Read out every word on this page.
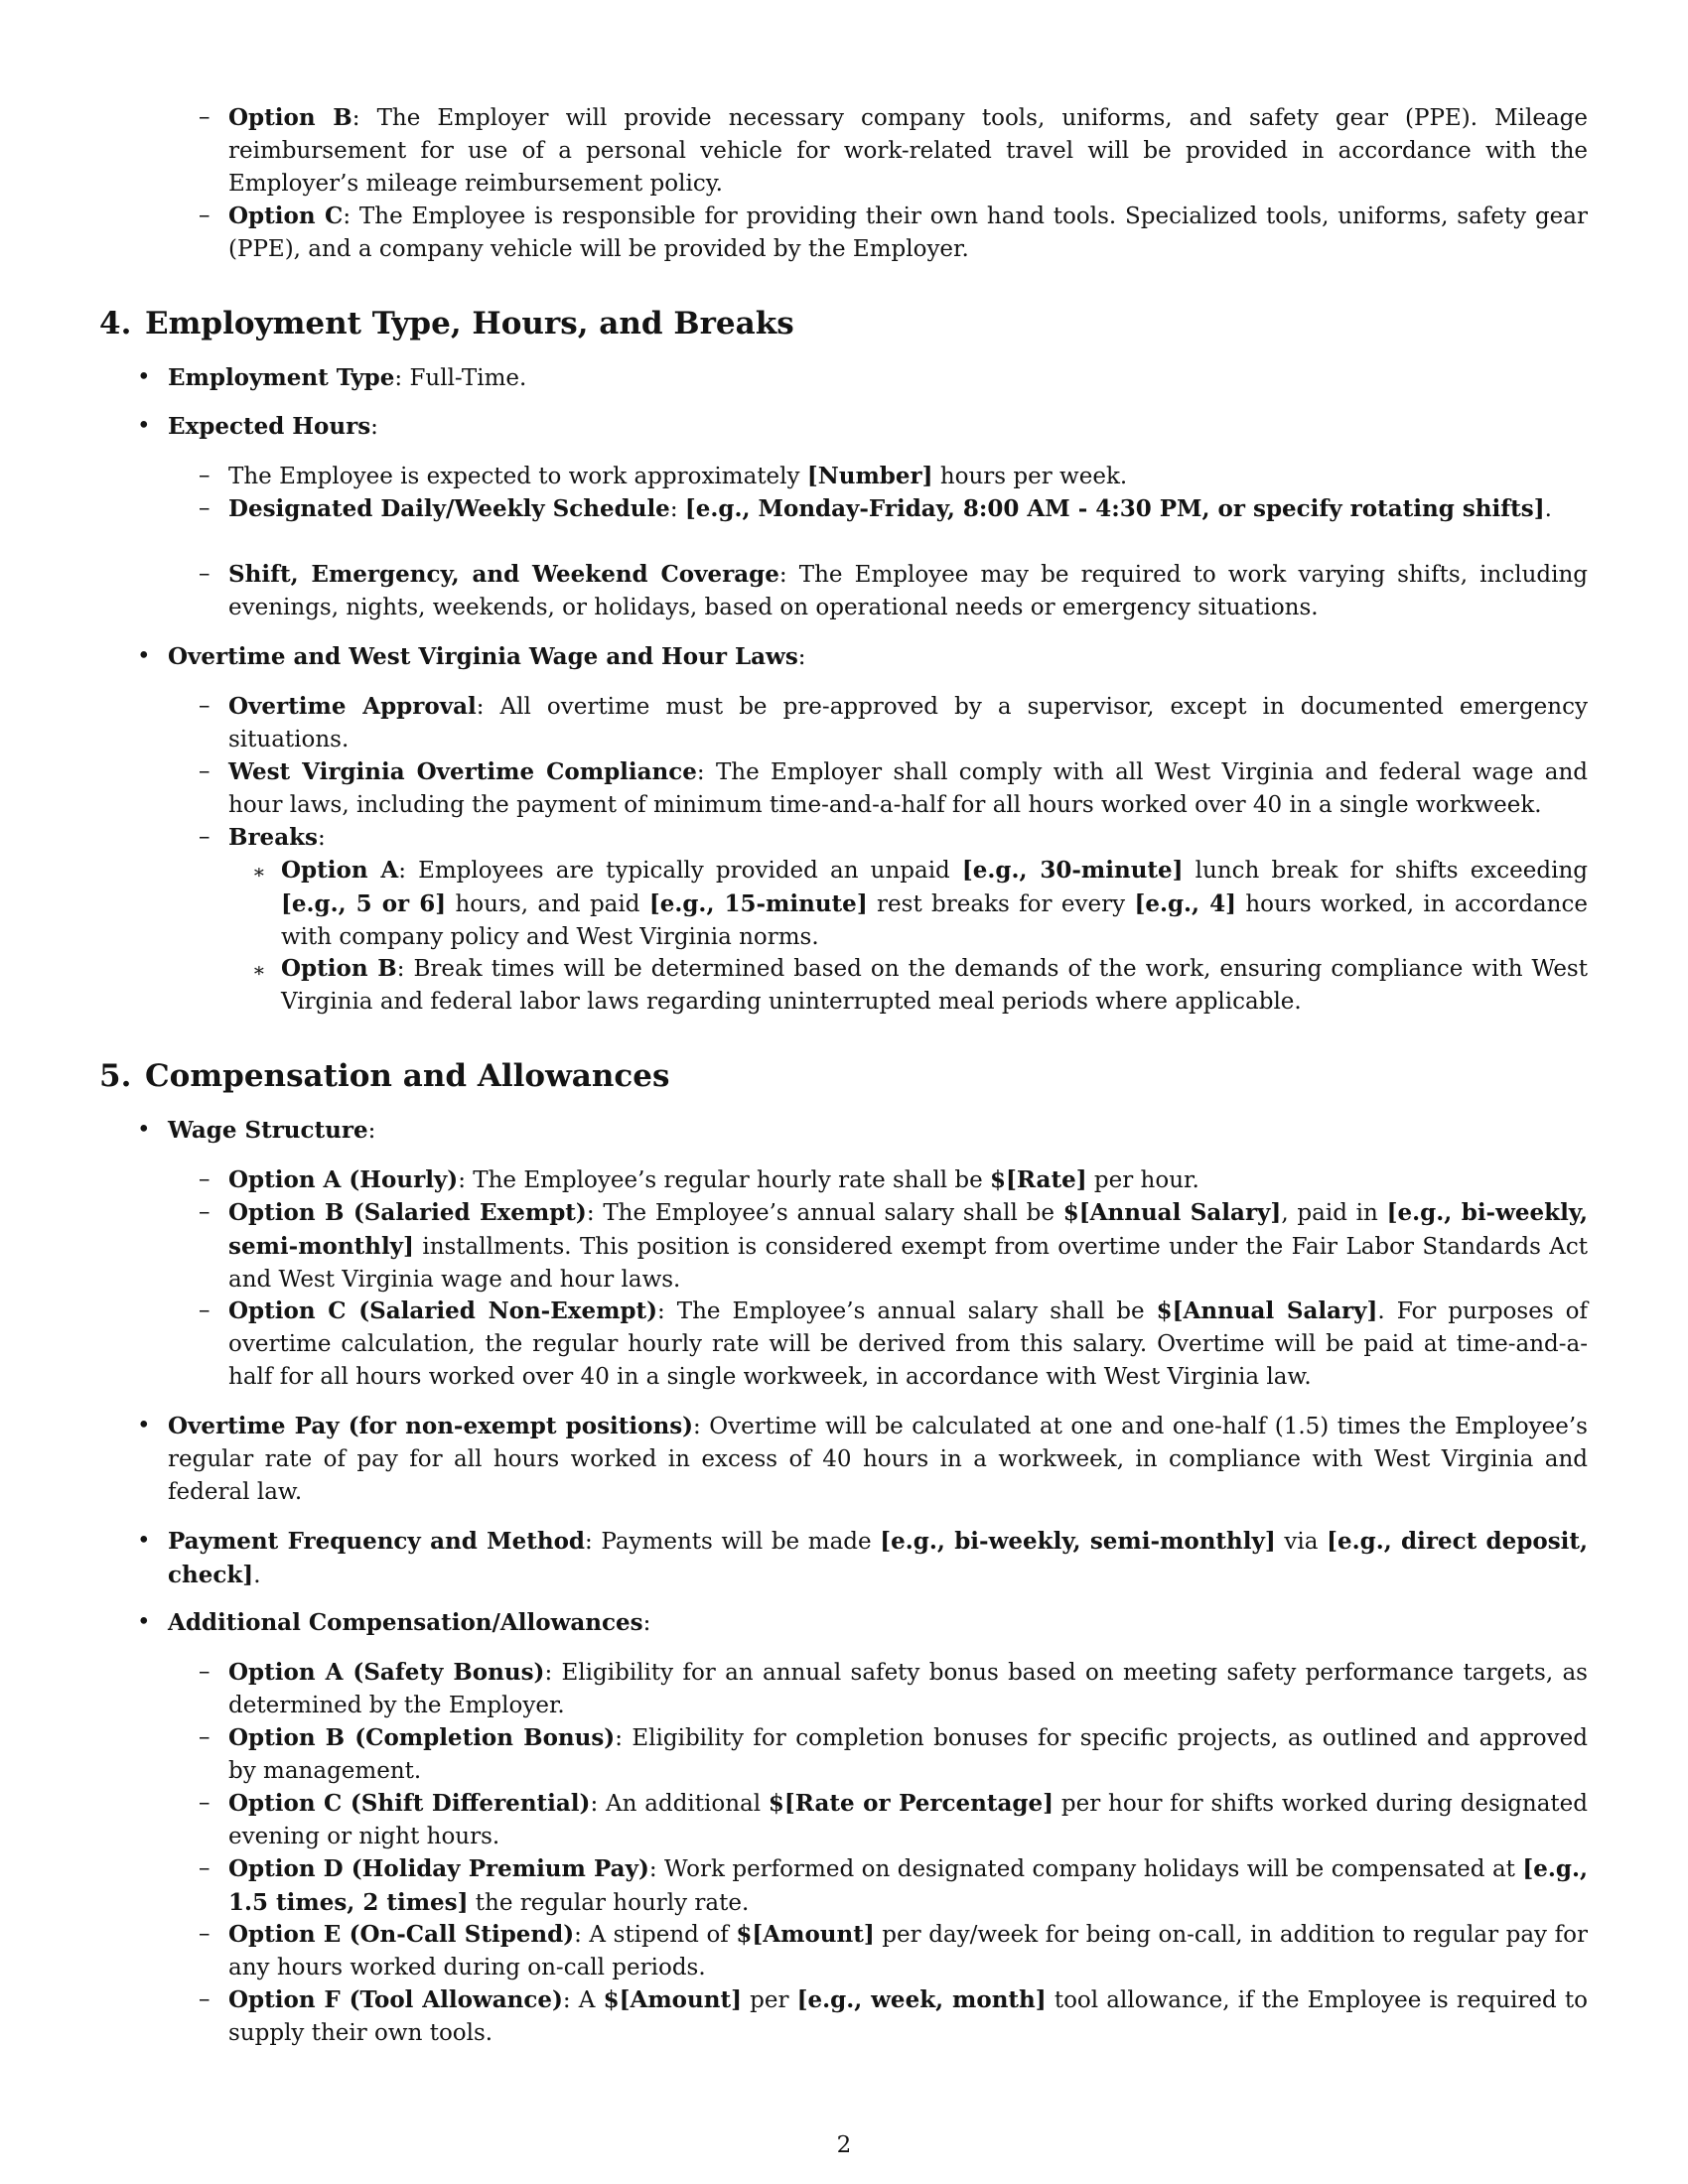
– Option B: The Employer will provide necessary company tools, uniforms, and safety gear (PPE). Mileage reimbursement for use of a personal vehicle for work-related travel will be provided in accordance with the Employer’s mileage reimbursement policy.

– Option C: The Employee is responsible for providing their own hand tools. Specialized tools, uniforms, safety gear (PPE), and a company vehicle will be provided by the Employer.

4. Employment Type, Hours, and Breaks
• Employment Type: Full-Time.

• Expected Hours:

– The Employee is expected to work approximately [Number] hours per week.

– Designated Daily/Weekly Schedule: [e.g., Monday-Friday, 8:00 AM - 4:30 PM, or specify rotating shifts].

– Shift, Emergency, and Weekend Coverage: The Employee may be required to work varying shifts, including evenings, nights, weekends, or holidays, based on operational needs or emergency situations.

• Overtime and West Virginia Wage and Hour Laws:

– Overtime Approval: All overtime must be pre-approved by a supervisor, except in documented emergency situations.

– West Virginia Overtime Compliance: The Employer shall comply with all West Virginia and federal wage and hour laws, including the payment of minimum time-and-a-half for all hours worked over 40 in a single workweek.

– Breaks:

∗ Option A: Employees are typically provided an unpaid [e.g., 30-minute] lunch break for shifts exceeding [e.g., 5 or 6] hours, and paid [e.g., 15-minute] rest breaks for every [e.g., 4] hours worked, in accordance with company policy and West Virginia norms.

∗ Option B: Break times will be determined based on the demands of the work, ensuring compliance with West Virginia and federal labor laws regarding uninterrupted meal periods where applicable.

5. Compensation and Allowances
• Wage Structure:

– Option A (Hourly): The Employee’s regular hourly rate shall be $[Rate] per hour.

– Option B (Salaried Exempt): The Employee’s annual salary shall be $[Annual Salary], paid in [e.g., bi-weekly, semi-monthly] installments. This position is considered exempt from overtime under the Fair Labor Standards Act and West Virginia wage and hour laws.

– Option C (Salaried Non-Exempt): The Employee’s annual salary shall be $[Annual Salary]. For purposes of overtime calculation, the regular hourly rate will be derived from this salary. Overtime will be paid at time-and-a-half for all hours worked over 40 in a single workweek, in accordance with West Virginia law.

• Overtime Pay (for non-exempt positions): Overtime will be calculated at one and one-half (1.5) times the Employee’s regular rate of pay for all hours worked in excess of 40 hours in a workweek, in compliance with West Virginia and federal law.

• Payment Frequency and Method: Payments will be made [e.g., bi-weekly, semi-monthly] via [e.g., direct deposit, check].

• Additional Compensation/Allowances:

– Option A (Safety Bonus): Eligibility for an annual safety bonus based on meeting safety performance targets, as determined by the Employer.

– Option B (Completion Bonus): Eligibility for completion bonuses for specific projects, as outlined and approved by management.

– Option C (Shift Differential): An additional $[Rate or Percentage] per hour for shifts worked during designated evening or night hours.

– Option D (Holiday Premium Pay): Work performed on designated company holidays will be compensated at [e.g., 1.5 times, 2 times] the regular hourly rate.

– Option E (On-Call Stipend): A stipend of $[Amount] per day/week for being on-call, in addition to regular pay for any hours worked during on-call periods.

– Option F (Tool Allowance): A $[Amount] per [e.g., week, month] tool allowance, if the Employee is required to supply their own tools.

2
